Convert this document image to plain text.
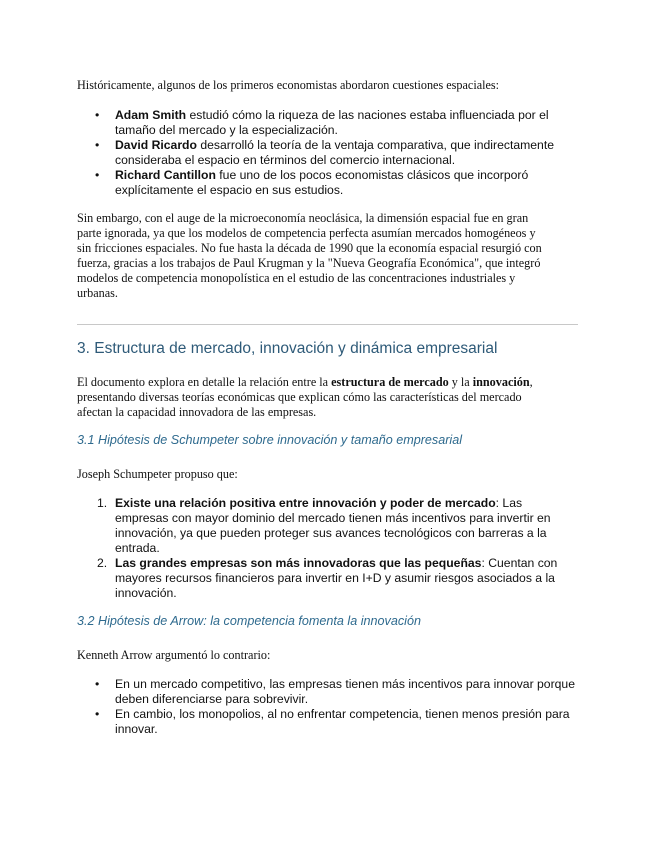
Históricamente, algunos de los primeros economistas abordaron cuestiones espaciales:

• Adam Smith estudió cómo la riqueza de las naciones estaba influenciada por el tamaño del mercado y la especialización.
• David Ricardo desarrolló la teoría de la ventaja comparativa, que indirectamente consideraba el espacio en términos del comercio internacional.
• Richard Cantillon fue uno de los pocos economistas clásicos que incorporó explícitamente el espacio en sus estudios.

Sin embargo, con el auge de la microeconomía neoclásica, la dimensión espacial fue en gran parte ignorada, ya que los modelos de competencia perfecta asumían mercados homogéneos y sin fricciones espaciales. No fue hasta la década de 1990 que la economía espacial resurgió con fuerza, gracias a los trabajos de Paul Krugman y la "Nueva Geografía Económica", que integró modelos de competencia monopolística en el estudio de las concentraciones industriales y urbanas.

3. Estructura de mercado, innovación y dinámica empresarial

El documento explora en detalle la relación entre la estructura de mercado y la innovación, presentando diversas teorías económicas que explican cómo las características del mercado afectan la capacidad innovadora de las empresas.

3.1 Hipótesis de Schumpeter sobre innovación y tamaño empresarial

Joseph Schumpeter propuso que:

1. Existe una relación positiva entre innovación y poder de mercado: Las empresas con mayor dominio del mercado tienen más incentivos para invertir en innovación, ya que pueden proteger sus avances tecnológicos con barreras a la entrada.
2. Las grandes empresas son más innovadoras que las pequeñas: Cuentan con mayores recursos financieros para invertir en I+D y asumir riesgos asociados a la innovación.
3.2 Hipótesis de Arrow: la competencia fomenta la innovación

Kenneth Arrow argumentó lo contrario:

• En un mercado competitivo, las empresas tienen más incentivos para innovar porque deben diferenciarse para sobrevivir.
• En cambio, los monopolios, al no enfrentar competencia, tienen menos presión para innovar.
